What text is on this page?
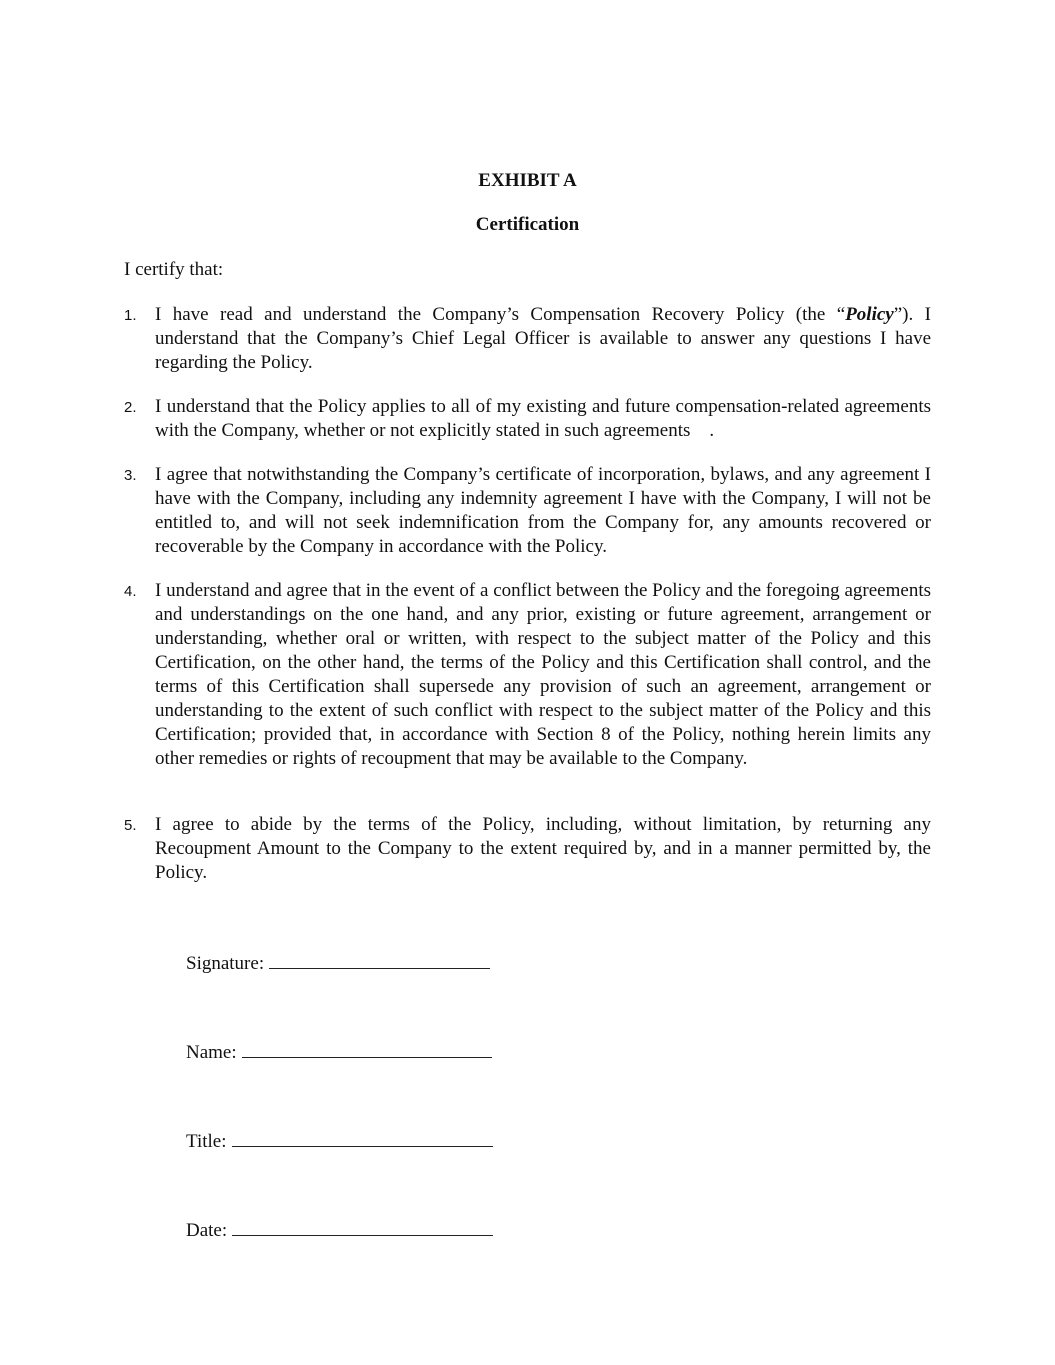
EXHIBIT A
Certification
I certify that:
1. I have read and understand the Company’s Compensation Recovery Policy (the “Policy”). I understand that the Company’s Chief Legal Officer is available to answer any questions I have regarding the Policy.
2. I understand that the Policy applies to all of my existing and future compensation-related agreements with the Company, whether or not explicitly stated in such agreements    .
3. I agree that notwithstanding the Company’s certificate of incorporation, bylaws, and any agreement I have with the Company, including any indemnity agreement I have with the Company, I will not be entitled to, and will not seek indemnification from the Company for, any amounts recovered or recoverable by the Company in accordance with the Policy.
4. I understand and agree that in the event of a conflict between the Policy and the foregoing agreements and understandings on the one hand, and any prior, existing or future agreement, arrangement or understanding, whether oral or written, with respect to the subject matter of the Policy and this Certification, on the other hand, the terms of the Policy and this Certification shall control, and the terms of this Certification shall supersede any provision of such an agreement, arrangement or understanding to the extent of such conflict with respect to the subject matter of the Policy and this Certification; provided that, in accordance with Section 8 of the Policy, nothing herein limits any other remedies or rights of recoupment that may be available to the Company.
5. I agree to abide by the terms of the Policy, including, without limitation, by returning any Recoupment Amount to the Company to the extent required by, and in a manner permitted by, the Policy.
Signature:
Name:
Title:
Date:
